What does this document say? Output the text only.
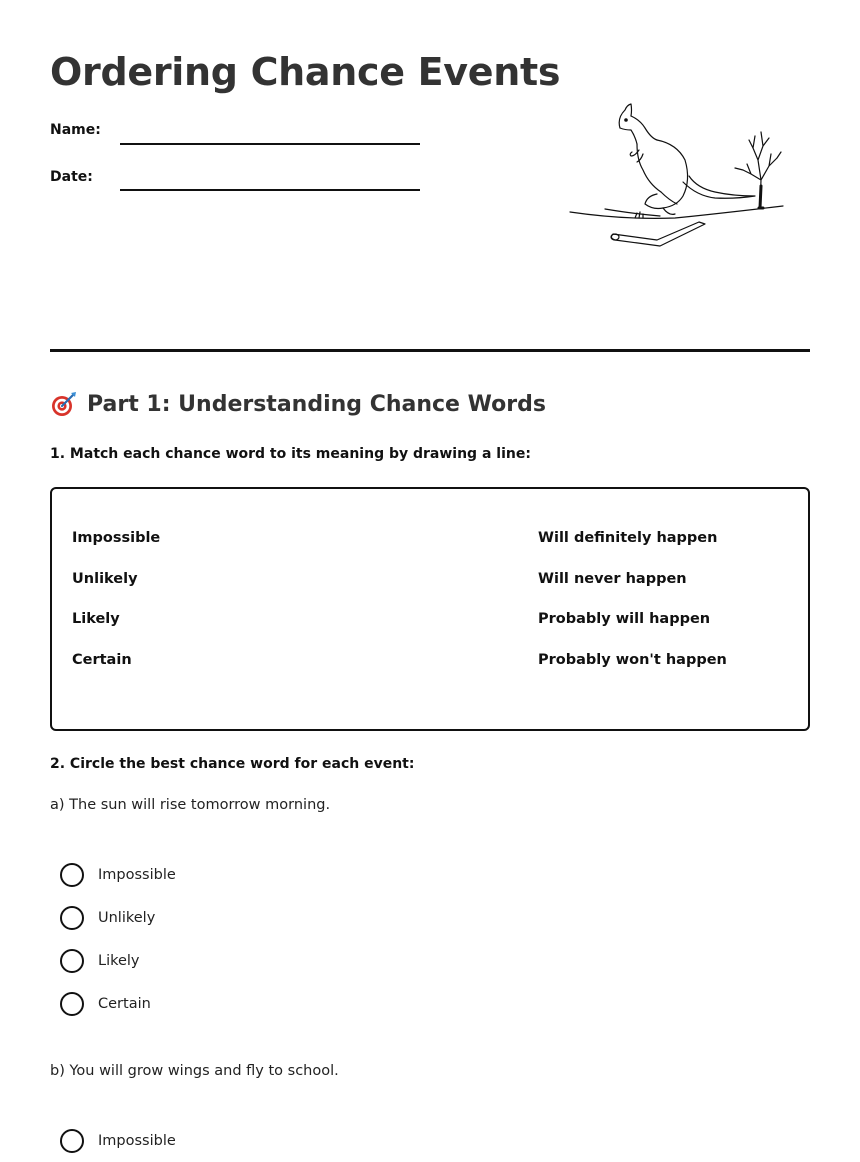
Ordering Chance Events
Name:
Date:
Part 1: Understanding Chance Words
1. Match each chance word to its meaning by drawing a line:
Impossible
Unlikely
Likely
Certain
Will definitely happen
Will never happen
Probably will happen
Probably won't happen
2. Circle the best chance word for each event:
a) The sun will rise tomorrow morning.
Impossible
Unlikely
Likely
Certain
b) You will grow wings and fly to school.
Impossible
